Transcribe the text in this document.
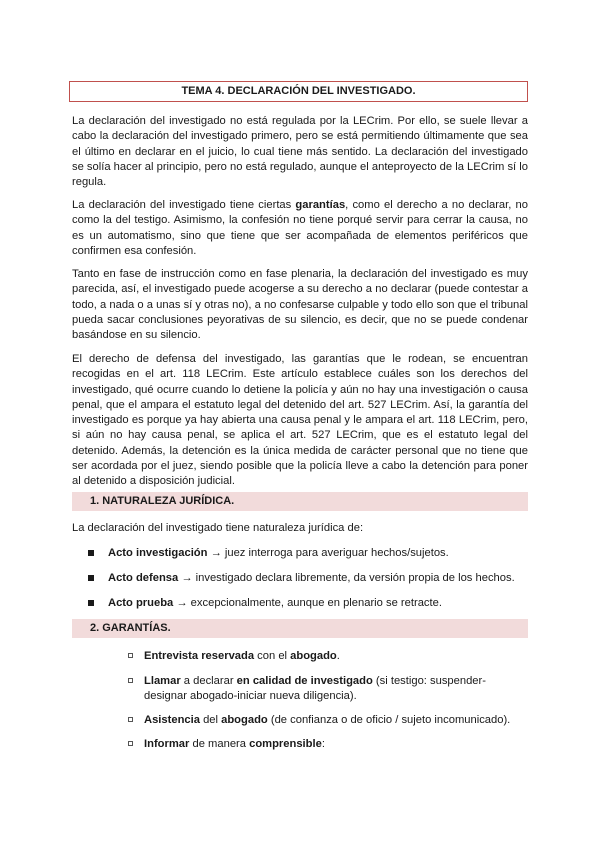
TEMA 4. DECLARACIÓN DEL INVESTIGADO.

La declaración del investigado no está regulada por la LECrim. Por ello, se suele llevar a cabo la declaración del investigado primero, pero se está permitiendo últimamente que sea el último en declarar en el juicio, lo cual tiene más sentido. La declaración del investigado se solía hacer al principio, pero no está regulado, aunque el anteproyecto de la LECrim sí lo regula.

La declaración del investigado tiene ciertas garantías, como el derecho a no declarar, no como la del testigo. Asimismo, la confesión no tiene porqué servir para cerrar la causa, no es un automatismo, sino que tiene que ser acompañada de elementos periféricos que confirmen esa confesión.

Tanto en fase de instrucción como en fase plenaria, la declaración del investigado es muy parecida, así, el investigado puede acogerse a su derecho a no declarar (puede contestar a todo, a nada o a unas sí y otras no), a no confesarse culpable y todo ello son que el tribunal pueda sacar conclusiones peyorativas de su silencio, es decir, que no se puede condenar basándose en su silencio.

El derecho de defensa del investigado, las garantías que le rodean, se encuentran recogidas en el art. 118 LECrim. Este artículo establece cuáles son los derechos del investigado, qué ocurre cuando lo detiene la policía y aún no hay una investigación o causa penal, que el ampara el estatuto legal del detenido del art. 527 LECrim. Así, la garantía del investigado es porque ya hay abierta una causa penal y le ampara el art. 118 LECrim, pero, si aún no hay causa penal, se aplica el art. 527 LECrim, que es el estatuto legal del detenido. Además, la detención es la única medida de carácter personal que no tiene que ser acordada por el juez, siendo posible que la policía lleve a cabo la detención para poner al detenido a disposición judicial.

1. NATURALEZA JURÍDICA.

La declaración del investigado tiene naturaleza jurídica de:

Acto investigación → juez interroga para averiguar hechos/sujetos.
Acto defensa → investigado declara libremente, da versión propia de los hechos.
Acto prueba → excepcionalmente, aunque en plenario se retracte.
2. GARANTÍAS.
Entrevista reservada con el abogado.
Llamar a declarar en calidad de investigado (si testigo: suspender-designar abogado-iniciar nueva diligencia).
Asistencia del abogado (de confianza o de oficio / sujeto incomunicado).
Informar de manera comprensible:
